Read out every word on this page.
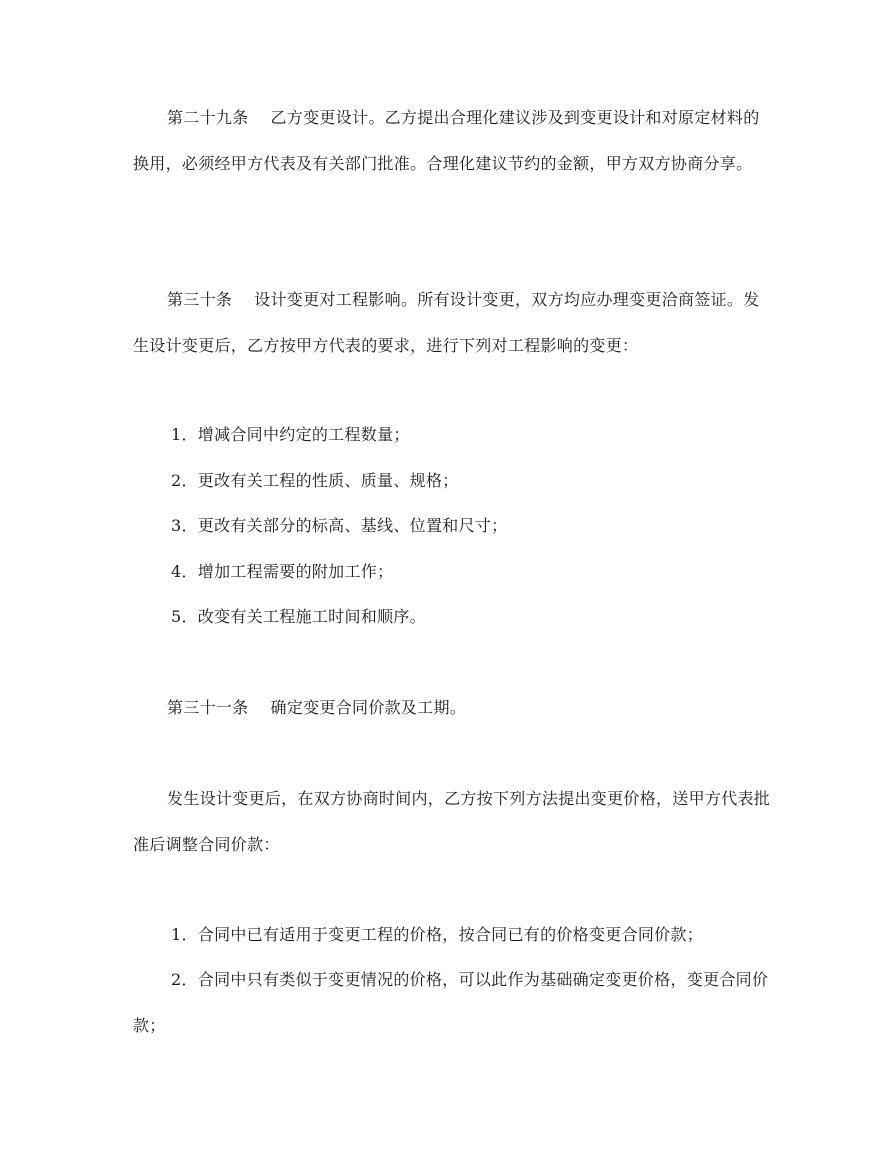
第二十九条 乙方变更设计。乙方提出合理化建议涉及到变更设计和对原定材料的换用，必须经甲方代表及有关部门批准。合理化建议节约的金额，甲方双方协商分享。

第三十条 设计变更对工程影响。所有设计变更，双方均应办理变更洽商签证。发生设计变更后，乙方按甲方代表的要求，进行下列对工程影响的变更：

1．增减合同中约定的工程数量；

2．更改有关工程的性质、质量、规格；

3．更改有关部分的标高、基线、位置和尺寸；

4．增加工程需要的附加工作；

5．改变有关工程施工时间和顺序。

第三十一条 确定变更合同价款及工期。

发生设计变更后，在双方协商时间内，乙方按下列方法提出变更价格，送甲方代表批准后调整合同价款：

1．合同中已有适用于变更工程的价格，按合同已有的价格变更合同价款；

2．合同中只有类似于变更情况的价格，可以此作为基础确定变更价格，变更合同价款；
